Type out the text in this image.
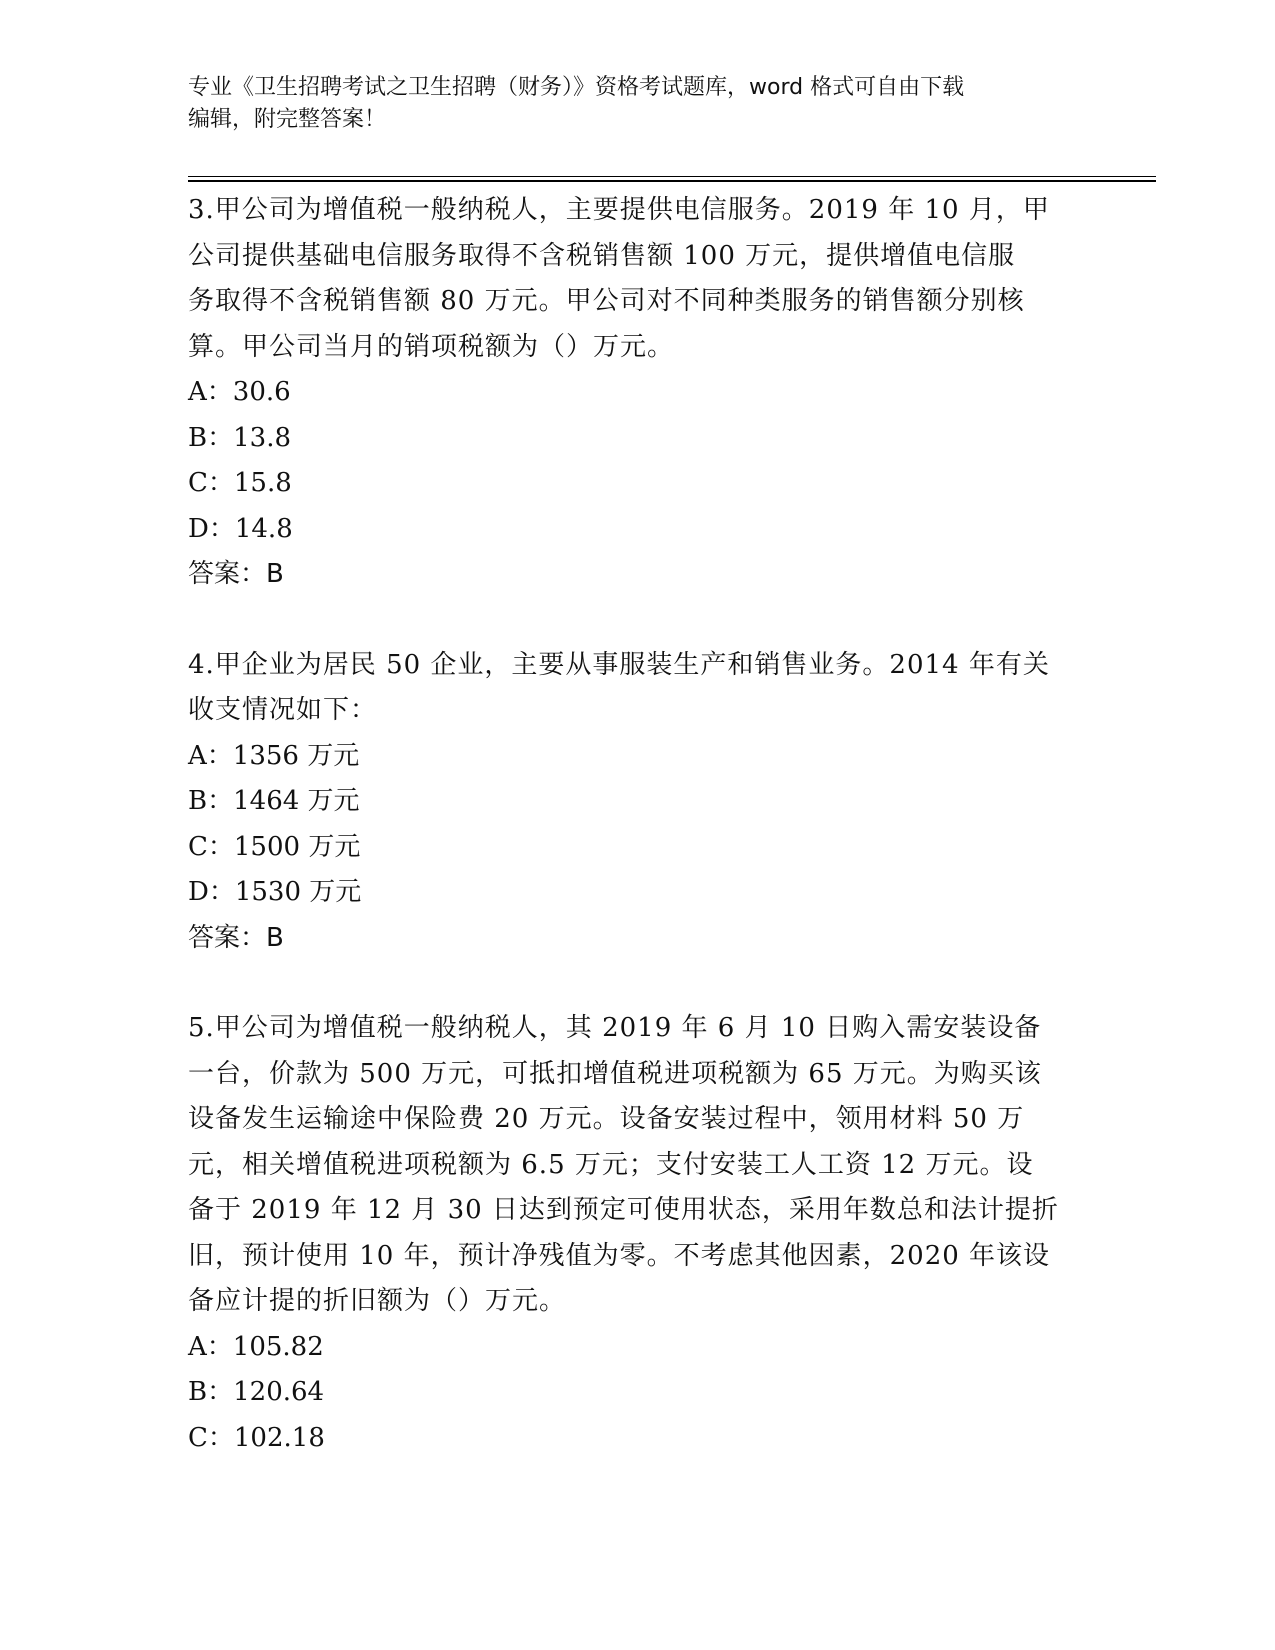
专业《卫生招聘考试之卫生招聘（财务）》资格考试题库，word 格式可自由下载
编辑，附完整答案！
3.甲公司为增值税一般纳税人，主要提供电信服务。2019 年 10 月，甲
公司提供基础电信服务取得不含税销售额 100 万元，提供增值电信服
务取得不含税销售额 80 万元。甲公司对不同种类服务的销售额分别核
算。甲公司当月的销项税额为（）万元。
A：30.6
B：13.8
C：15.8
D：14.8
答案：B
4.甲企业为居民 50 企业，主要从事服装生产和销售业务。2014 年有关
收支情况如下：
A：1356 万元
B：1464 万元
C：1500 万元
D：1530 万元
答案：B
5.甲公司为增值税一般纳税人，其 2019 年 6 月 10 日购入需安装设备
一台，价款为 500 万元，可抵扣增值税进项税额为 65 万元。为购买该
设备发生运输途中保险费 20 万元。设备安装过程中，领用材料 50 万
元，相关增值税进项税额为 6.5 万元；支付安装工人工资 12 万元。设
备于 2019 年 12 月 30 日达到预定可使用状态，采用年数总和法计提折
旧，预计使用 10 年，预计净残值为零。不考虑其他因素，2020 年该设
备应计提的折旧额为（）万元。
A：105.82
B：120.64
C：102.18
